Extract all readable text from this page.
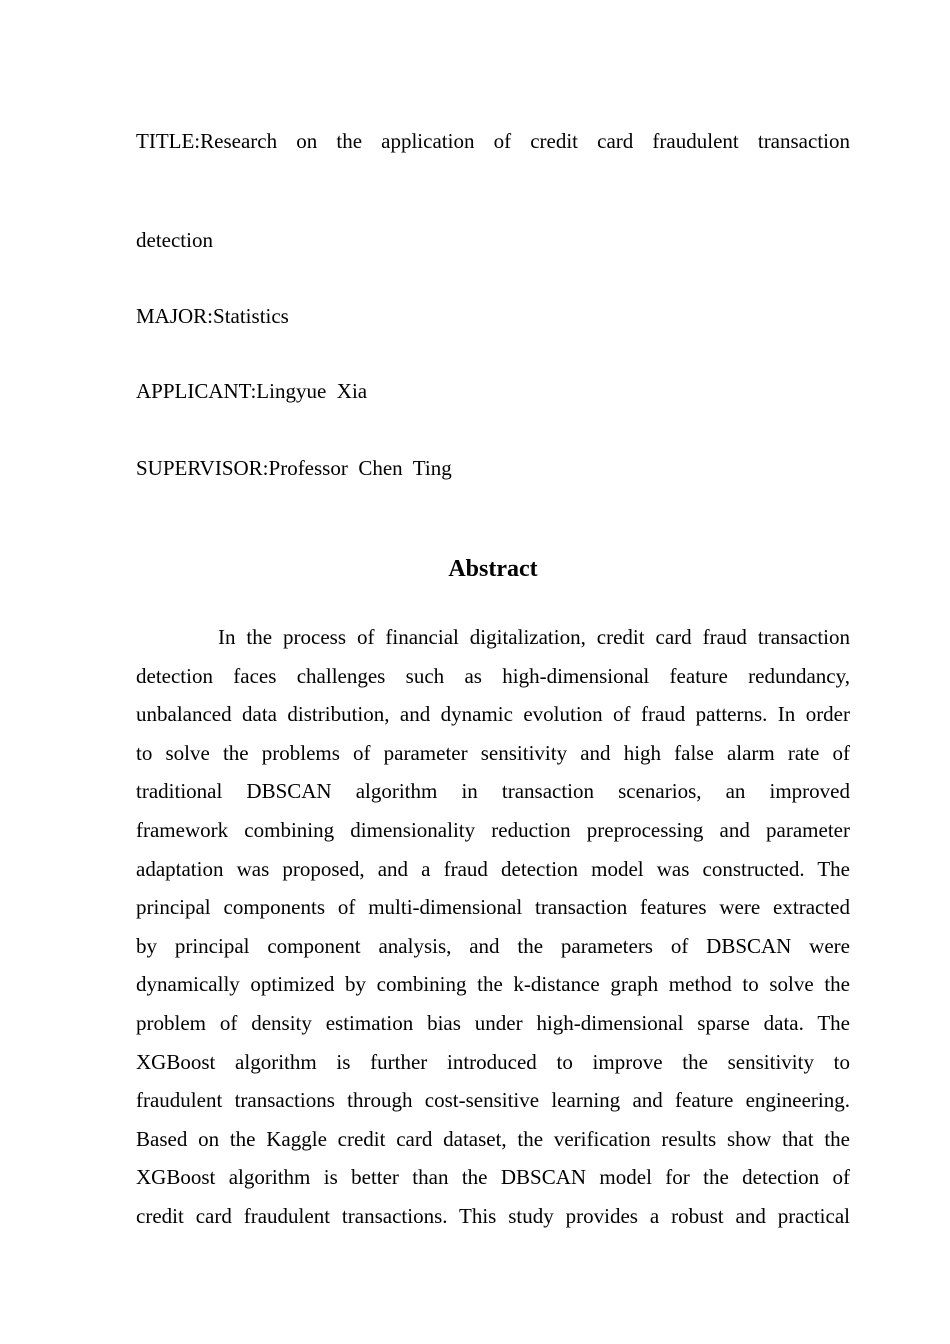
TITLE:Research on the application of credit card fraudulent transaction
detection
MAJOR:Statistics
APPLICANT:Lingyue  Xia
SUPERVISOR:Professor  Chen  Ting
Abstract
In the process of financial digitalization, credit card fraud transaction
detection faces challenges such as high-dimensional feature redundancy,
unbalanced data distribution, and dynamic evolution of fraud patterns. In order
to solve the problems of parameter sensitivity and high false alarm rate of
traditional DBSCAN algorithm in transaction scenarios, an improved
framework combining dimensionality reduction preprocessing and parameter
adaptation was proposed, and a fraud detection model was constructed. The
principal components of multi-dimensional transaction features were extracted
by principal component analysis, and the parameters of DBSCAN were
dynamically optimized by combining the k-distance graph method to solve the
problem of density estimation bias under high-dimensional sparse data. The
XGBoost algorithm is further introduced to improve the sensitivity to
fraudulent transactions through cost-sensitive learning and feature engineering.
Based on the Kaggle credit card dataset, the verification results show that the
XGBoost algorithm is better than the DBSCAN model for the detection of
credit card fraudulent transactions. This study provides a robust and practical
